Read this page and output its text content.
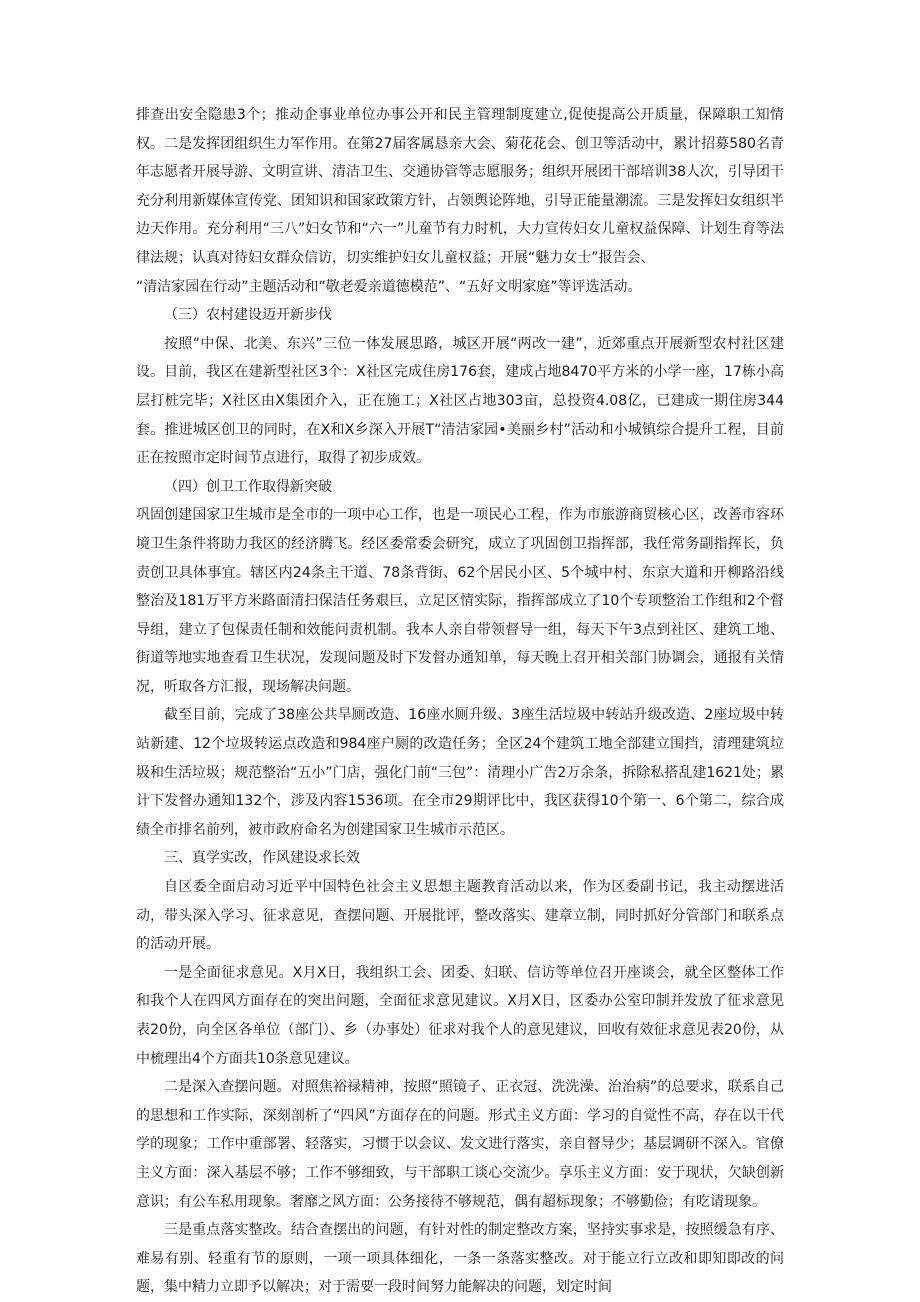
排查出安全隐患3个；推动企事业单位办事公开和民主管理制度建立,促使提高公开质量，保障职工知情权。二是发挥团组织生力军作用。在第27届客属恳亲大会、菊花花会、创卫等活动中，累计招募580名青年志愿者开展导游、文明宣讲、清洁卫生、交通协管等志愿服务；组织开展团干部培训38人次，引导团干充分利用新媒体宣传党、团知识和国家政策方针，占领舆论阵地，引导正能量潮流。三是发挥妇女组织半边天作用。充分利用“三八”妇女节和“六一”儿童节有力时机，大力宣传妇女儿童权益保障、计划生育等法律法规；认真对待妇女群众信访，切实维护妇女儿童权益；开展“魅力女士”报告会、

“清洁家园在行动”主题活动和“敬老爱亲道德模范”、“五好文明家庭”等评选活动。

（三）农村建设迈开新步伐

按照“中保、北美、东兴”三位一体发展思路，城区开展“两改一建”，近郊重点开展新型农村社区建设。目前，我区在建新型社区3个：X社区完成住房176套，建成占地8470平方米的小学一座，17栋小高层打桩完毕；X社区由X集团介入，正在施工；X社区占地303亩，总投资4.08亿，已建成一期住房344套。推进城区创卫的同时，在X和X乡深入开展T“清洁家园•美丽乡村”活动和小城镇综合提升工程，目前正在按照市定时间节点进行，取得了初步成效。

（四）创卫工作取得新突破

巩固创建国家卫生城市是全市的一项中心工作，也是一项民心工程，作为市旅游商贸核心区，改善市容环境卫生条件将助力我区的经济腾飞。经区委常委会研究，成立了巩固创卫指挥部，我任常务副指挥长，负责创卫具体事宜。辖区内24条主干道、78条背街、62个居民小区、5个城中村、东京大道和开柳路沿线整治及181万平方米路面清扫保洁任务艰巨，立足区情实际，指挥部成立了10个专项整治工作组和2个督导组，建立了包保责任制和效能问责机制。我本人亲自带领督导一组，每天下午3点到社区、建筑工地、街道等地实地查看卫生状况，发现问题及时下发督办通知单，每天晚上召开相关部门协调会，通报有关情况，听取各方汇报，现场解决问题。

截至目前，完成了38座公共旱厕改造、16座水厕升级、3座生活垃圾中转站升级改造、2座垃圾中转站新建、12个垃圾转运点改造和984座户厕的改造任务；全区24个建筑工地全部建立围挡，清理建筑垃圾和生活垃圾；规范整治“五小”门店，强化门前“三包”：清理小广告2万余条，拆除私搭乱建1621处；累计下发督办通知132个，涉及内容1536项。在全市29期评比中，我区获得10个第一、6个第二，综合成绩全市排名前列，被市政府命名为创建国家卫生城市示范区。

三、真学实改，作风建设求长效

自区委全面启动习近平中国特色社会主义思想主题教育活动以来，作为区委副书记，我主动摆进活动，带头深入学习、征求意见，查摆问题、开展批评，整改落实、建章立制，同时抓好分管部门和联系点的活动开展。

一是全面征求意见。X月X日，我组织工会、团委、妇联、信访等单位召开座谈会，就全区整体工作和我个人在四风方面存在的突出问题，全面征求意见建议。X月X日，区委办公室印制并发放了征求意见表20份，向全区各单位（部门）、乡（办事处）征求对我个人的意见建议，回收有效征求意见表20份，从中梳理出4个方面共10条意见建议。

二是深入查摆问题。对照焦裕禄精神，按照“照镜子、正衣冠、洗洗澡、治治病”的总要求，联系自己的思想和工作实际，深刻剖析了“四风”方面存在的问题。形式主义方面：学习的自觉性不高，存在以干代学的现象；工作中重部署、轻落实，习惯于以会议、发文进行落实，亲自督导少；基层调研不深入。官僚主义方面：深入基层不够；工作不够细致，与干部职工谈心交流少。享乐主义方面：安于现状，欠缺创新意识；有公车私用现象。奢靡之风方面：公务接待不够规范，偶有超标现象；不够勤俭；有吃请现象。

三是重点落实整改。结合查摆出的问题，有针对性的制定整改方案，坚持实事求是，按照缓急有序、难易有别、轻重有节的原则，一项一项具体细化，一条一条落实整改。对于能立行立改和即知即改的问题，集中精力立即予以解决；对于需要一段时间努力能解决的问题，划定时间
